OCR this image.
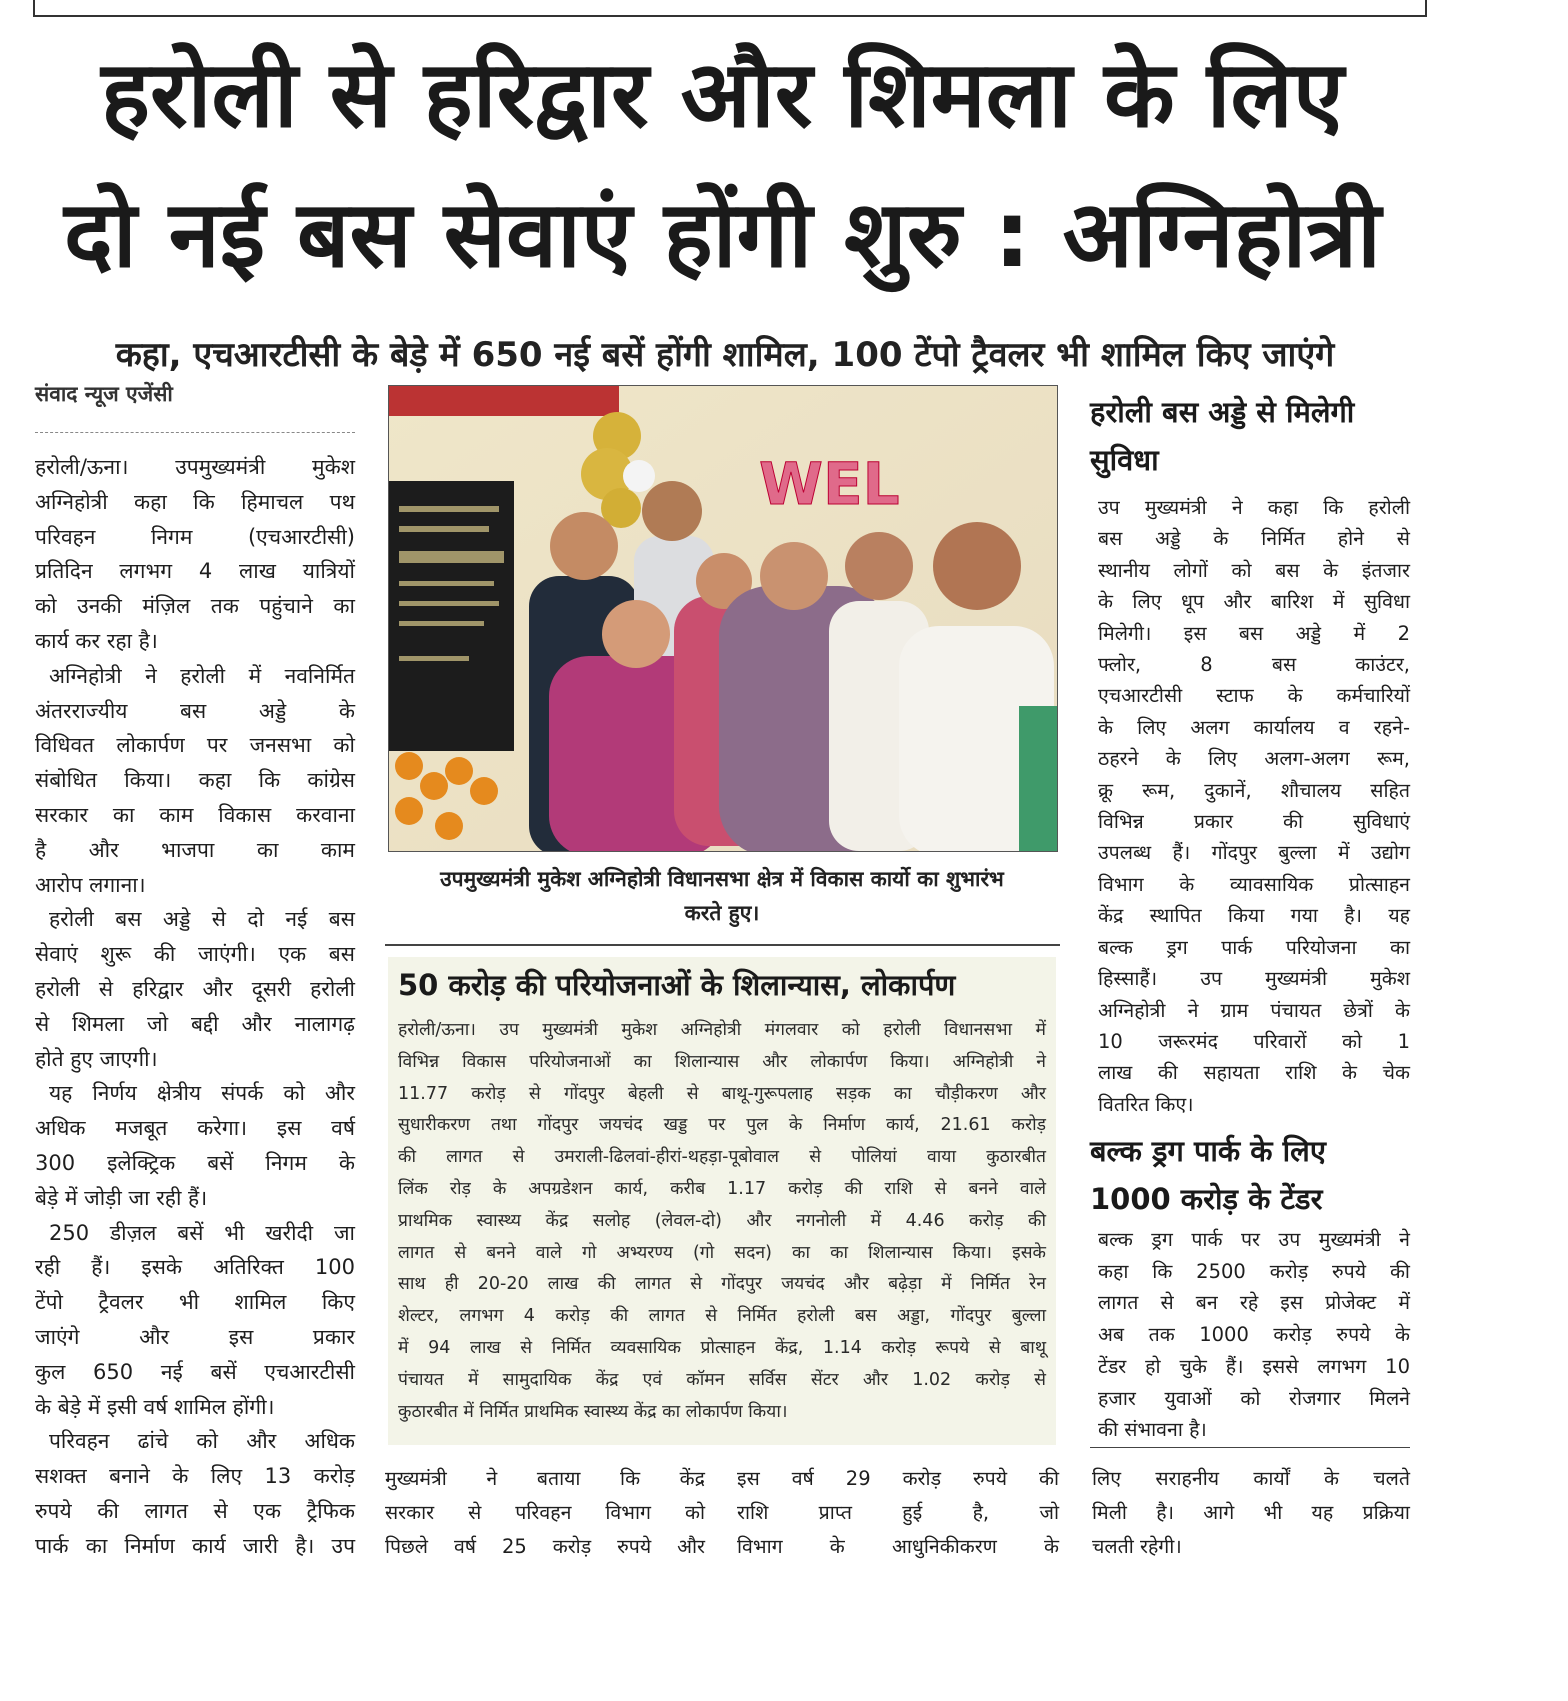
हरोली से हरिद्वार और शिमला के लिए
दो नई बस सेवाएं होंगी शुरु : अग्निहोत्री
कहा, एचआरटीसी के बेड़े में 650 नई बसें होंगी शामिल, 100 टेंपो ट्रैवलर भी शामिल किए जाएंगे
संवाद न्यूज एजेंसी
हरोली/ऊना। उपमुख्यमंत्री मुकेश
अग्निहोत्री कहा कि हिमाचल पथ
परिवहन निगम (एचआरटीसी)
प्रतिदिन लगभग 4 लाख यात्रियों
को उनकी मंज़िल तक पहुंचाने का
कार्य कर रहा है।
अग्निहोत्री ने हरोली में नवनिर्मित
अंतरराज्यीय बस अड्डे के
विधिवत लोकार्पण पर जनसभा को
संबोधित किया। कहा कि कांग्रेस
सरकार का काम विकास करवाना
है और भाजपा का काम
आरोप लगाना।
हरोली बस अड्डे से दो नई बस
सेवाएं शुरू की जाएंगी। एक बस
हरोली से हरिद्वार और दूसरी हरोली
से शिमला जो बद्दी और नालागढ़
होते हुए जाएगी।
यह निर्णय क्षेत्रीय संपर्क को और
अधिक मजबूत करेगा। इस वर्ष
300 इलेक्ट्रिक बसें निगम के
बेड़े में जोड़ी जा रही हैं।
250 डीज़ल बसें भी खरीदी जा
रही हैं। इसके अतिरिक्त 100
टेंपो ट्रैवलर भी शामिल किए
जाएंगे और इस प्रकार
कुल 650 नई बसें एचआरटीसी
के बेड़े में इसी वर्ष शामिल होंगी।
परिवहन ढांचे को और अधिक
सशक्त बनाने के लिए 13 करोड़
रुपये की लागत से एक ट्रैफिक
पार्क का निर्माण कार्य जारी है। उप
WEL
उपमुख्यमंत्री मुकेश अग्निहोत्री विधानसभा क्षेत्र में विकास कार्यो का शुभारंभ
करते हुए।
50 करोड़ की परियोजनाओं के शिलान्यास, लोकार्पण
हरोली/ऊना। उप मुख्यमंत्री मुकेश अग्निहोत्री मंगलवार को हरोली विधानसभा में
विभिन्न विकास परियोजनाओं का शिलान्यास और लोकार्पण किया। अग्निहोत्री ने
11.77 करोड़ से गोंदपुर बेहली से बाथू-गुरूपलाह सड़क का चौड़ीकरण और
सुधारीकरण तथा गोंदपुर जयचंद खड्ड पर पुल के निर्माण कार्य, 21.61 करोड़
की लागत से उमराली-ढिलवां-हीरां-थहड़ा-पूबोवाल से पोलियां वाया कुठारबीत
लिंक रोड़ के अपग्रडेशन कार्य, करीब 1.17 करोड़ की राशि से बनने वाले
प्राथमिक स्वास्थ्य केंद्र सलोह (लेवल-दो) और नगनोली में 4.46 करोड़ की
लागत से बनने वाले गो अभ्यरण्य (गो सदन) का का शिलान्यास किया। इसके
साथ ही 20-20 लाख की लागत से गोंदपुर जयचंद और बढ़ेड़ा में निर्मित रेन
शेल्टर, लगभग 4 करोड़ की लागत से निर्मित हरोली बस अड्डा, गोंदपुर बुल्ला
में 94 लाख से निर्मित व्यवसायिक प्रोत्साहन केंद्र, 1.14 करोड़ रूपये से बाथू
पंचायत में सामुदायिक केंद्र एवं कॉमन सर्विस सेंटर और 1.02 करोड़ से
कुठारबीत में निर्मित प्राथमिक स्वास्थ्य केंद्र का लोकार्पण किया।
हरोली बस अड्डे से मिलेगी
सुविधा
उप मुख्यमंत्री ने कहा कि हरोली
बस अड्डे के निर्मित होने से
स्थानीय लोगों को बस के इंतजार
के लिए धूप और बारिश में सुविधा
मिलेगी। इस बस अड्डे में 2
फ्लोर, 8 बस काउंटर,
एचआरटीसी स्टाफ के कर्मचारियों
के लिए अलग कार्यालय व रहने-
ठहरने के लिए अलग-अलग रूम,
क्रू रूम, दुकानें, शौचालय सहित
विभिन्न प्रकार की सुविधाएं
उपलब्ध हैं। गोंदपुर बुल्ला में उद्योग
विभाग के व्यावसायिक प्रोत्साहन
केंद्र स्थापित किया गया है। यह
बल्क ड्रग पार्क परियोजना का
हिस्साहैं। उप मुख्यमंत्री मुकेश
अग्निहोत्री ने ग्राम पंचायत छेत्रों के
10 जरूरमंद परिवारों को 1
लाख की सहायता राशि के चेक
वितरित किए।
बल्क ड्रग पार्क के लिए
1000 करोड़ के टेंडर
बल्क ड्रग पार्क पर उप मुख्यमंत्री ने
कहा कि 2500 करोड़ रुपये की
लागत से बन रहे इस प्रोजेक्ट में
अब तक 1000 करोड़ रुपये के
टेंडर हो चुके हैं। इससे लगभग 10
हजार युवाओं को रोजगार मिलने
की संभावना है।
मुख्यमंत्री ने बताया कि केंद्र
सरकार से परिवहन विभाग को
पिछले वर्ष 25 करोड़ रुपये और
इस वर्ष 29 करोड़ रुपये की
राशि प्राप्त हुई है, जो
विभाग के आधुनिकीकरण के
लिए सराहनीय कार्यों के चलते
मिली है। आगे भी यह प्रक्रिया
चलती रहेगी।
